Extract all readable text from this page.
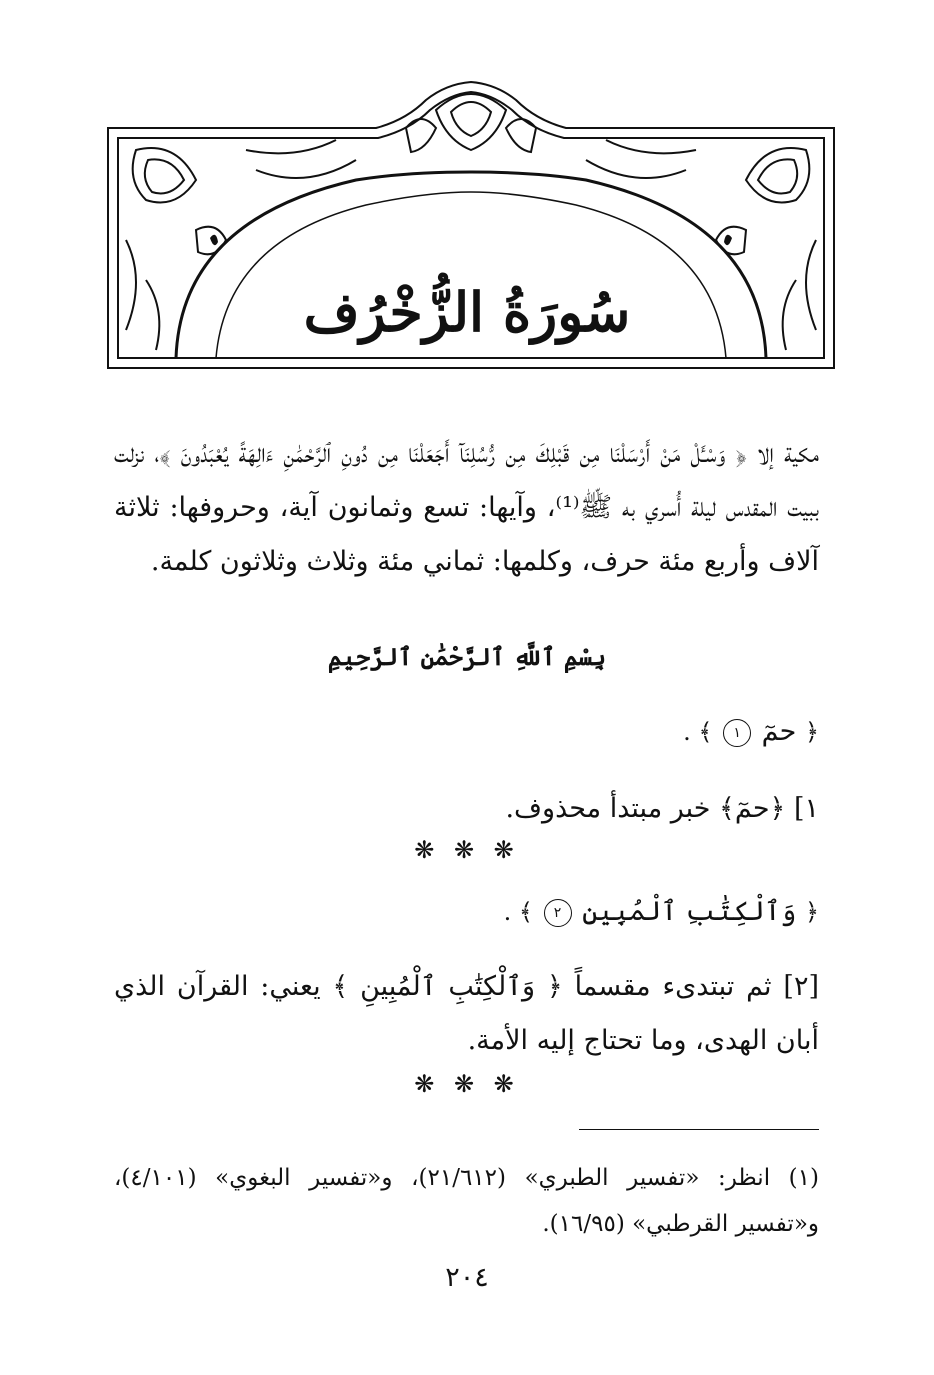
سُورَةُ الزُّخْرُف
مكية إلا ﴿ وَسْـَٔلْ مَنْ أَرْسَلْنَا مِن قَبْلِكَ مِن رُّسُلِنَآ أَجَعَلْنَا مِن دُونِ ٱلرَّحْمَٰنِ ءَالِهَةً يُعْبَدُونَ ﴾، نزلت ببيت المقدس ليلة أُسري به ﷺ⁽¹⁾، وآيها: تسع وثمانون آية، وحروفها: ثلاثة آلاف وأربع مئة حرف، وكلمها: ثماني مئة وثلاث وثلاثون كلمة.
بِسْمِ ٱللَّهِ ٱلرَّحْمَٰنِ ٱلرَّحِيمِ
﴿ حمٓ ١ ﴾ .
١] ﴿حمٓ﴾ خبر مبتدأ محذوف.
❋ ❋ ❋
﴿ وَٱلْكِتَٰبِ ٱلْمُبِينِ ٢ ﴾ .
[٢] ثم تبتدىء مقسماً ﴿ وَٱلْكِتَٰبِ ٱلْمُبِينِ ﴾ يعني: القرآن الذي أبان الهدى، وما تحتاج إليه الأمة.
❋ ❋ ❋
(١) انظر: «تفسير الطبري» (٢١/٦١٢)، و«تفسير البغوي» (٤/١٠١)، و«تفسير القرطبي» (١٦/٩٥).
٢٠٤
